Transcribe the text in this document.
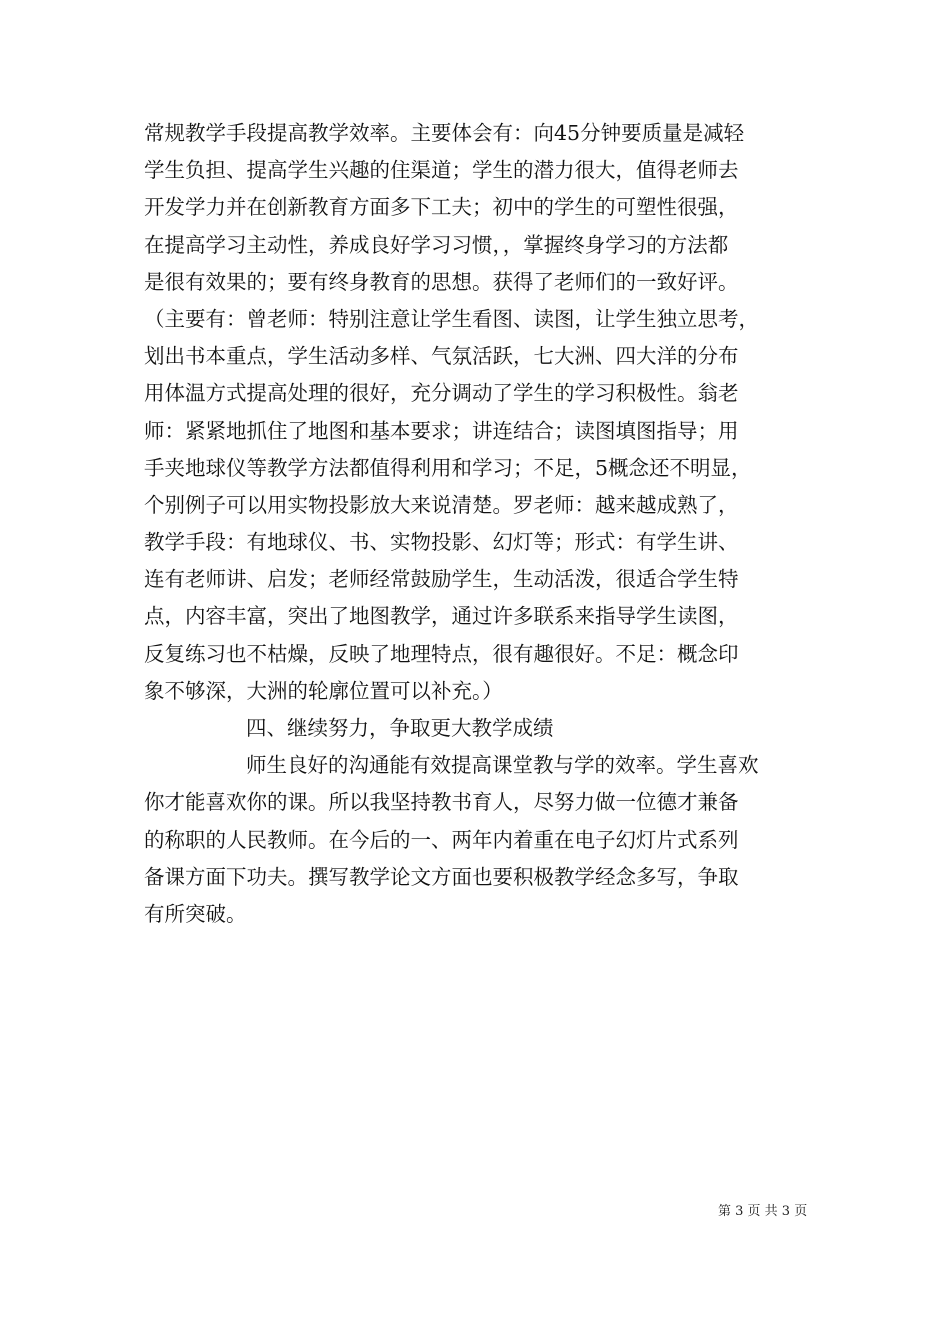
常规教学手段提高教学效率。主要体会有：向45分钟要质量是减轻
学生负担、提高学生兴趣的住渠道；学生的潜力很大，值得老师去
开发学力并在创新教育方面多下工夫；初中的学生的可塑性很强，
在提高学习主动性，养成良好学习习惯，，掌握终身学习的方法都
是很有效果的；要有终身教育的思想。获得了老师们的一致好评。
（主要有：曾老师：特别注意让学生看图、读图，让学生独立思考，
划出书本重点，学生活动多样、气氛活跃，七大洲、四大洋的分布
用体温方式提高处理的很好，充分调动了学生的学习积极性。翁老
师：紧紧地抓住了地图和基本要求；讲连结合；读图填图指导；用
手夹地球仪等教学方法都值得利用和学习；不足，5概念还不明显，
个别例子可以用实物投影放大来说清楚。罗老师：越来越成熟了，
教学手段：有地球仪、书、实物投影、幻灯等；形式：有学生讲、
连有老师讲、启发；老师经常鼓励学生，生动活泼，很适合学生特
点，内容丰富，突出了地图教学，通过许多联系来指导学生读图，
反复练习也不枯燥，反映了地理特点，很有趣很好。不足：概念印
象不够深，大洲的轮廓位置可以补充。）
四、继续努力，争取更大教学成绩
师生良好的沟通能有效提高课堂教与学的效率。学生喜欢
你才能喜欢你的课。所以我坚持教书育人，尽努力做一位德才兼备
的称职的人民教师。在今后的一、两年内着重在电子幻灯片式系列
备课方面下功夫。撰写教学论文方面也要积极教学经念多写，争取
有所突破。
第 3 页 共 3 页
